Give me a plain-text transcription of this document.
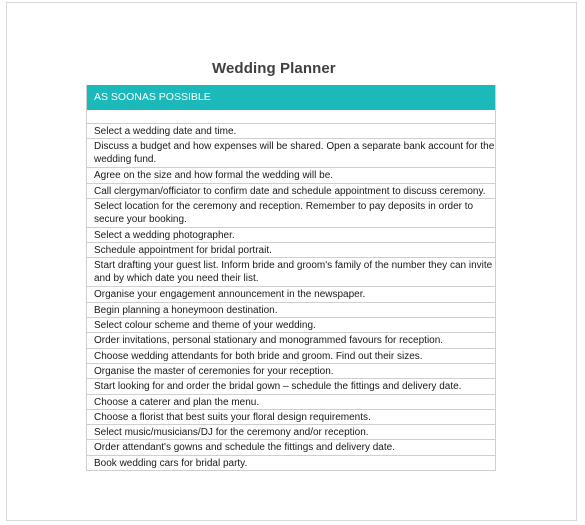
Wedding Planner
AS SOONAS POSSIBLE
Select a wedding date and time.
Discuss a budget and how expenses will be shared. Open a separate bank account for the wedding fund.
Agree on the size and how formal the wedding will be.
Call clergyman/officiator to confirm date and schedule appointment to discuss ceremony.
Select location for the ceremony and reception. Remember to pay deposits in order to secure your booking.
Select a wedding photographer.
Schedule appointment for bridal portrait.
Start drafting your guest list. Inform bride and groom's family of the number they can invite and by which date you need their list.
Organise your engagement announcement in the newspaper.
Begin planning a honeymoon destination.
Select colour scheme and theme of your wedding.
Order invitations, personal stationary and monogrammed favours for reception.
Choose wedding attendants for both bride and groom. Find out their sizes.
Organise the master of ceremonies for your reception.
Start looking for and order the bridal gown – schedule the fittings and delivery date.
Choose a caterer and plan the menu.
Choose a florist that best suits your floral design requirements.
Select music/musicians/DJ for the ceremony and/or reception.
Order attendant's gowns and schedule the fittings and delivery date.
Book wedding cars for bridal party.
